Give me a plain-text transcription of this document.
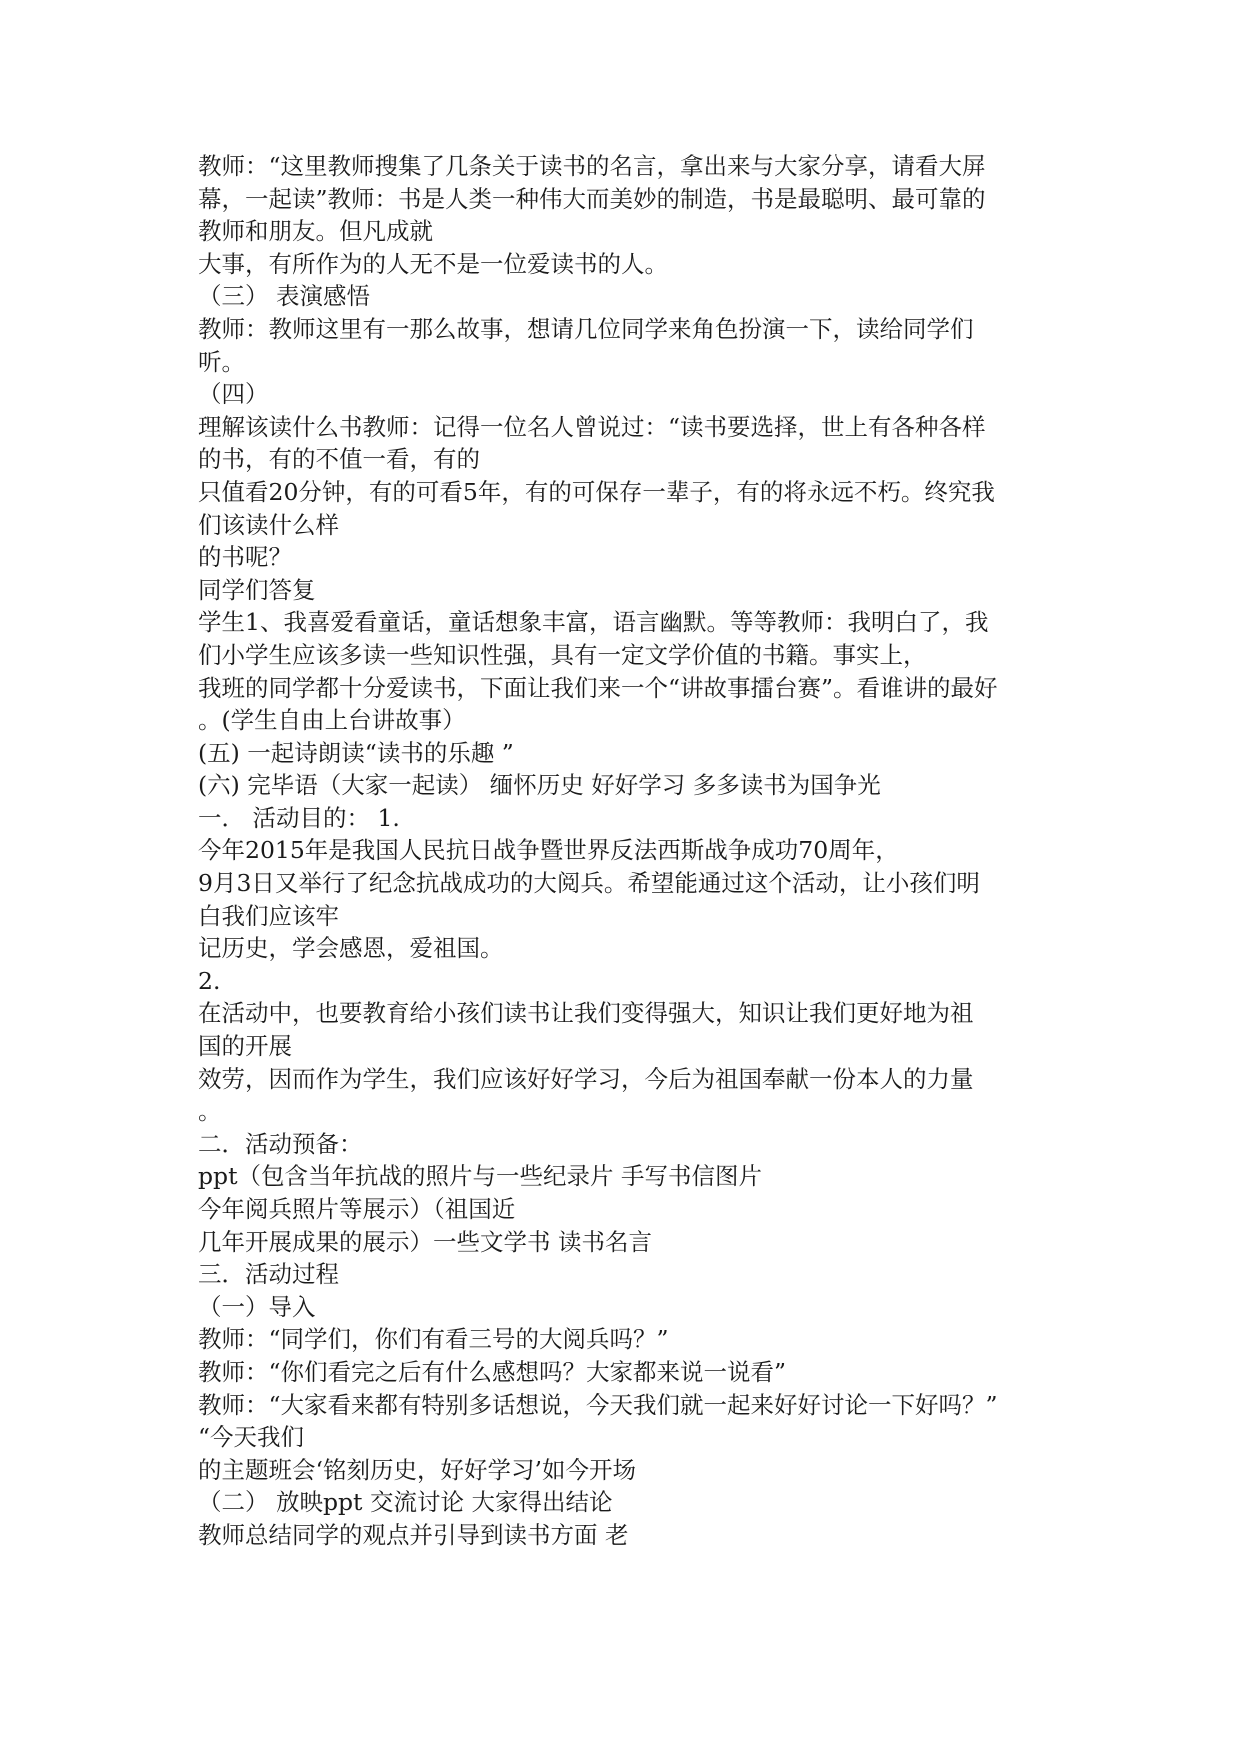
教师：“这里教师搜集了几条关于读书的名言，拿出来与大家分享，请看大屏
幕，一起读”教师：书是人类一种伟大而美妙的制造，书是最聪明、最可靠的
教师和朋友。但凡成就
大事，有所作为的人无不是一位爱读书的人。
（三） 表演感悟
教师：教师这里有一那么故事，想请几位同学来角色扮演一下，读给同学们
听。
（四）
理解该读什么书教师：记得一位名人曾说过：“读书要选择，世上有各种各样
的书，有的不值一看，有的
只值看20分钟，有的可看5年，有的可保存一辈子，有的将永远不朽。终究我
们该读什么样
的书呢？
同学们答复
学生1、我喜爱看童话，童话想象丰富，语言幽默。等等教师：我明白了，我
们小学生应该多读一些知识性强，具有一定文学价值的书籍。事实上，
我班的同学都十分爱读书，下面让我们来一个“讲故事擂台赛”。看谁讲的最好
。(学生自由上台讲故事）
(五) 一起诗朗读“读书的乐趣 ”
(六) 完毕语（大家一起读） 缅怀历史 好好学习 多多读书为国争光
一． 活动目的： 1.
今年2015年是我国人民抗日战争暨世界反法西斯战争成功70周年，
9月3日又举行了纪念抗战成功的大阅兵。希望能通过这个活动，让小孩们明
白我们应该牢
记历史，学会感恩，爱祖国。
2.
在活动中，也要教育给小孩们读书让我们变得强大，知识让我们更好地为祖
国的开展
效劳，因而作为学生，我们应该好好学习，今后为祖国奉献一份本人的力量
。
二．活动预备：
ppt（包含当年抗战的照片与一些纪录片 手写书信图片
今年阅兵照片等展示）（祖国近
几年开展成果的展示）一些文学书 读书名言
三．活动过程
（一）导入
教师：“同学们，你们有看三号的大阅兵吗？”
教师：“你们看完之后有什么感想吗？大家都来说一说看”
教师：“大家看来都有特别多话想说，今天我们就一起来好好讨论一下好吗？”
“今天我们
的主题班会‘铭刻历史，好好学习’如今开场
（二） 放映ppt 交流讨论 大家得出结论
教师总结同学的观点并引导到读书方面 老
